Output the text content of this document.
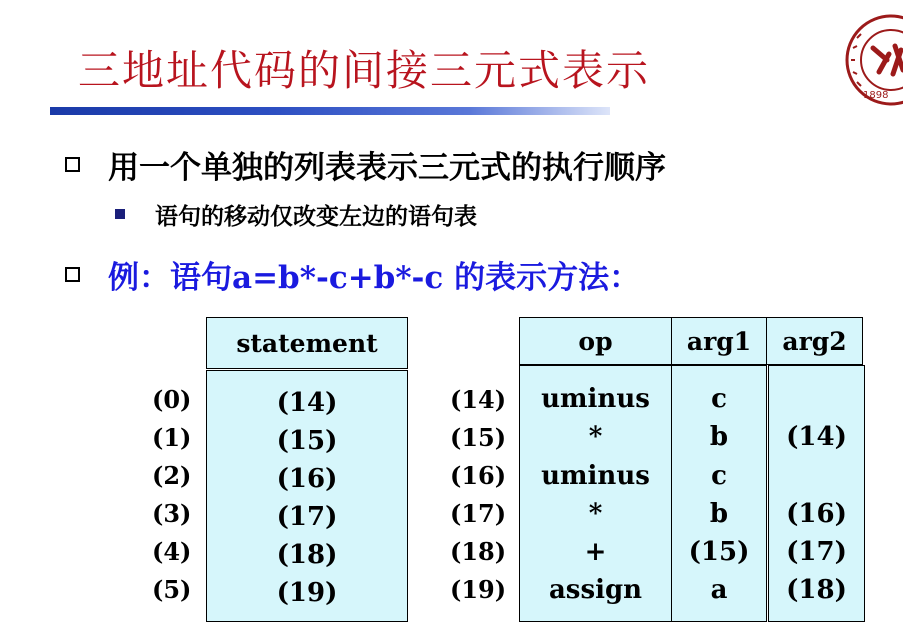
三地址代码的间接三元式表示
1898
用一个单独的列表表示三元式的执行顺序
语句的移动仅改变左边的语句表
例：语句a=b*-c+b*-c 的表示方法：
statement
(14)
(15)
(16)
(17)
(18)
(19)
(0)
(1)
(2)
(3)
(4)
(5)
op	arg1	arg2
uminus
*
uminus
*
+
assign
c
b
c
b
(15)
a
(14)
(16)
(17)
(18)
(14)
(15)
(16)
(17)
(18)
(19)
